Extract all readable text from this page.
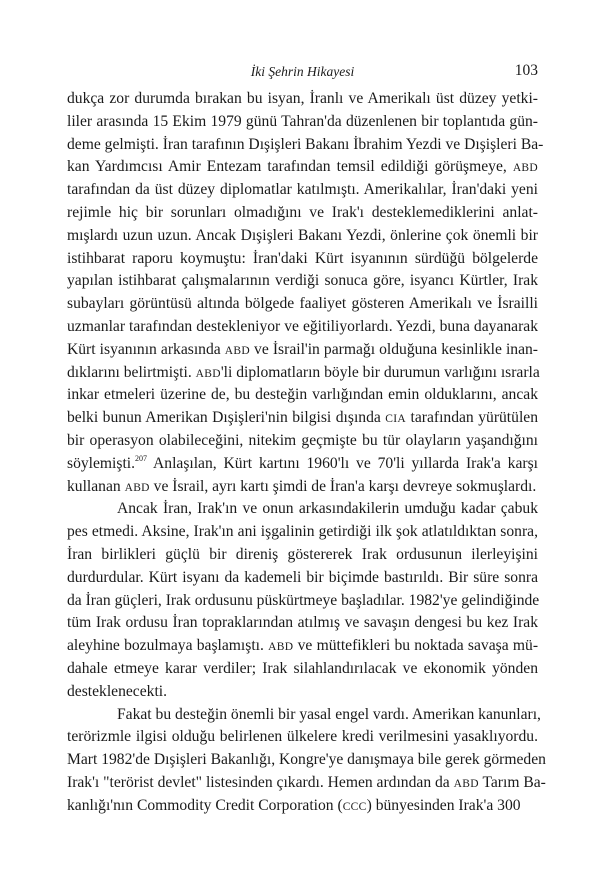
İki Şehrin Hikayesi	103
dukça zor durumda bırakan bu isyan, İranlı ve Amerikalı üst düzey yetki-
liler arasında 15 Ekim 1979 günü Tahran'da düzenlenen bir toplantıda gün-
deme gelmişti. İran tarafının Dışişleri Bakanı İbrahim Yezdi ve Dışişleri Ba-
kan Yardımcısı Amir Entezam tarafından temsil edildiği görüşmeye, ABD
tarafından da üst düzey diplomatlar katılmıştı. Amerikalılar, İran'daki yeni
rejimle hiç bir sorunları olmadığını ve Irak'ı desteklemediklerini anlat-
mışlardı uzun uzun. Ancak Dışişleri Bakanı Yezdi, önlerine çok önemli bir
istihbarat raporu koymuştu: İran'daki Kürt isyanının sürdüğü bölgelerde
yapılan istihbarat çalışmalarının verdiği sonuca göre, isyancı Kürtler, Irak
subayları görüntüsü altında bölgede faaliyet gösteren Amerikalı ve İsrailli
uzmanlar tarafından destekleniyor ve eğitiliyorlardı. Yezdi, buna dayanarak
Kürt isyanının arkasında ABD ve İsrail'in parmağı olduğuna kesinlikle inan-
dıklarını belirtmişti. ABD'li diplomatların böyle bir durumun varlığını ısrarla
inkar etmeleri üzerine de, bu desteğin varlığından emin olduklarını, ancak
belki bunun Amerikan Dışişleri'nin bilgisi dışında CIA tarafından yürütülen
bir operasyon olabileceğini, nitekim geçmişte bu tür olayların yaşandığını
söylemişti.$^{207}$ Anlaşılan, Kürt kartını 1960'lı ve 70'li yıllarda Irak'a karşı
kullanan ABD ve İsrail, ayrı kartı şimdi de İran'a karşı devreye sokmuşlardı.
Ancak İran, Irak'ın ve onun arkasındakilerin umduğu kadar çabuk
pes etmedi. Aksine, Irak'ın ani işgalinin getirdiği ilk şok atlatıldıktan sonra,
İran birlikleri güçlü bir direniş göstererek Irak ordusunun ilerleyişini
durdurdular. Kürt isyanı da kademeli bir biçimde bastırıldı. Bir süre sonra
da İran güçleri, Irak ordusunu püskürtmeye başladılar. 1982'ye gelindiğinde
tüm Irak ordusu İran topraklarından atılmış ve savaşın dengesi bu kez Irak
aleyhine bozulmaya başlamıştı. ABD ve müttefikleri bu noktada savaşa mü-
dahale etmeye karar verdiler; Irak silahlandırılacak ve ekonomik yönden
desteklenecekti.
Fakat bu desteğin önemli bir yasal engel vardı. Amerikan kanunları,
terörizmle ilgisi olduğu belirlenen ülkelere kredi verilmesini yasaklıyordu.
Mart 1982'de Dışişleri Bakanlığı, Kongre'ye danışmaya bile gerek görmeden
Irak'ı "terörist devlet" listesinden çıkardı. Hemen ardından da ABD Tarım Ba-
kanlığı'nın Commodity Credit Corporation (CCC) bünyesinden Irak'a 300
